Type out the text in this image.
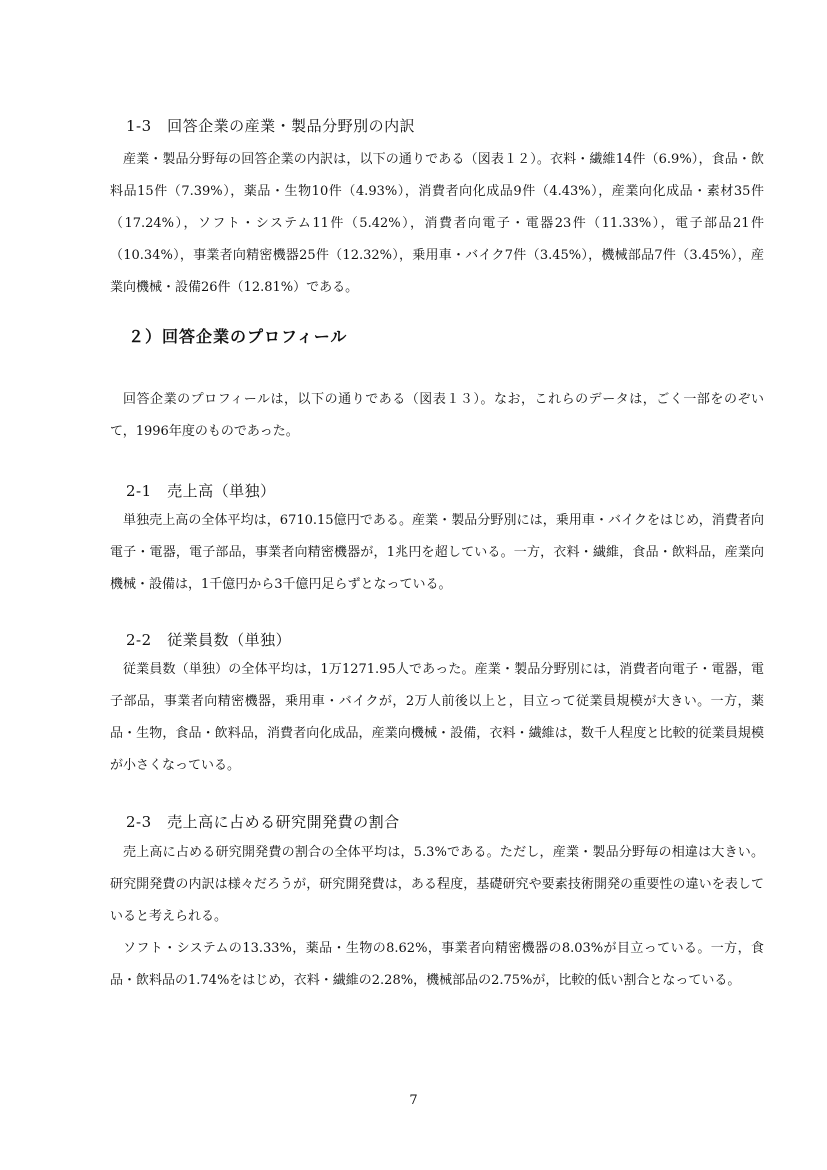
1-3　回答企業の産業・製品分野別の内訳

産業・製品分野毎の回答企業の内訳は，以下の通りである（図表１２）。衣料・繊維14件（6.9%），食品・飲料品15件（7.39%），薬品・生物10件（4.93%），消費者向化成品9件（4.43%），産業向化成品・素材35件（17.24%），ソフト・システム11件（5.42%），消費者向電子・電器23件（11.33%），電子部品21件（10.34%），事業者向精密機器25件（12.32%），乗用車・バイク7件（3.45%），機械部品7件（3.45%），産業向機械・設備26件（12.81%）である。

２）回答企業のプロフィール

回答企業のプロフィールは，以下の通りである（図表１３）。なお，これらのデータは，ごく一部をのぞいて，1996年度のものであった。

2-1　売上高（単独）

単独売上高の全体平均は，6710.15億円である。産業・製品分野別には，乗用車・バイクをはじめ，消費者向電子・電器，電子部品，事業者向精密機器が，1兆円を超している。一方，衣料・繊維，食品・飲料品，産業向機械・設備は，1千億円から3千億円足らずとなっている。

2-2　従業員数（単独）

従業員数（単独）の全体平均は，1万1271.95人であった。産業・製品分野別には，消費者向電子・電器，電子部品，事業者向精密機器，乗用車・バイクが，2万人前後以上と，目立って従業員規模が大きい。一方，薬品・生物，食品・飲料品，消費者向化成品，産業向機械・設備，衣料・繊維は，数千人程度と比較的従業員規模が小さくなっている。

2-3　売上高に占める研究開発費の割合

売上高に占める研究開発費の割合の全体平均は，5.3%である。ただし，産業・製品分野毎の相違は大きい。研究開発費の内訳は様々だろうが，研究開発費は，ある程度，基礎研究や要素技術開発の重要性の違いを表していると考えられる。

ソフト・システムの13.33%，薬品・生物の8.62%，事業者向精密機器の8.03%が目立っている。一方，食品・飲料品の1.74%をはじめ，衣料・繊維の2.28%，機械部品の2.75%が，比較的低い割合となっている。

7
